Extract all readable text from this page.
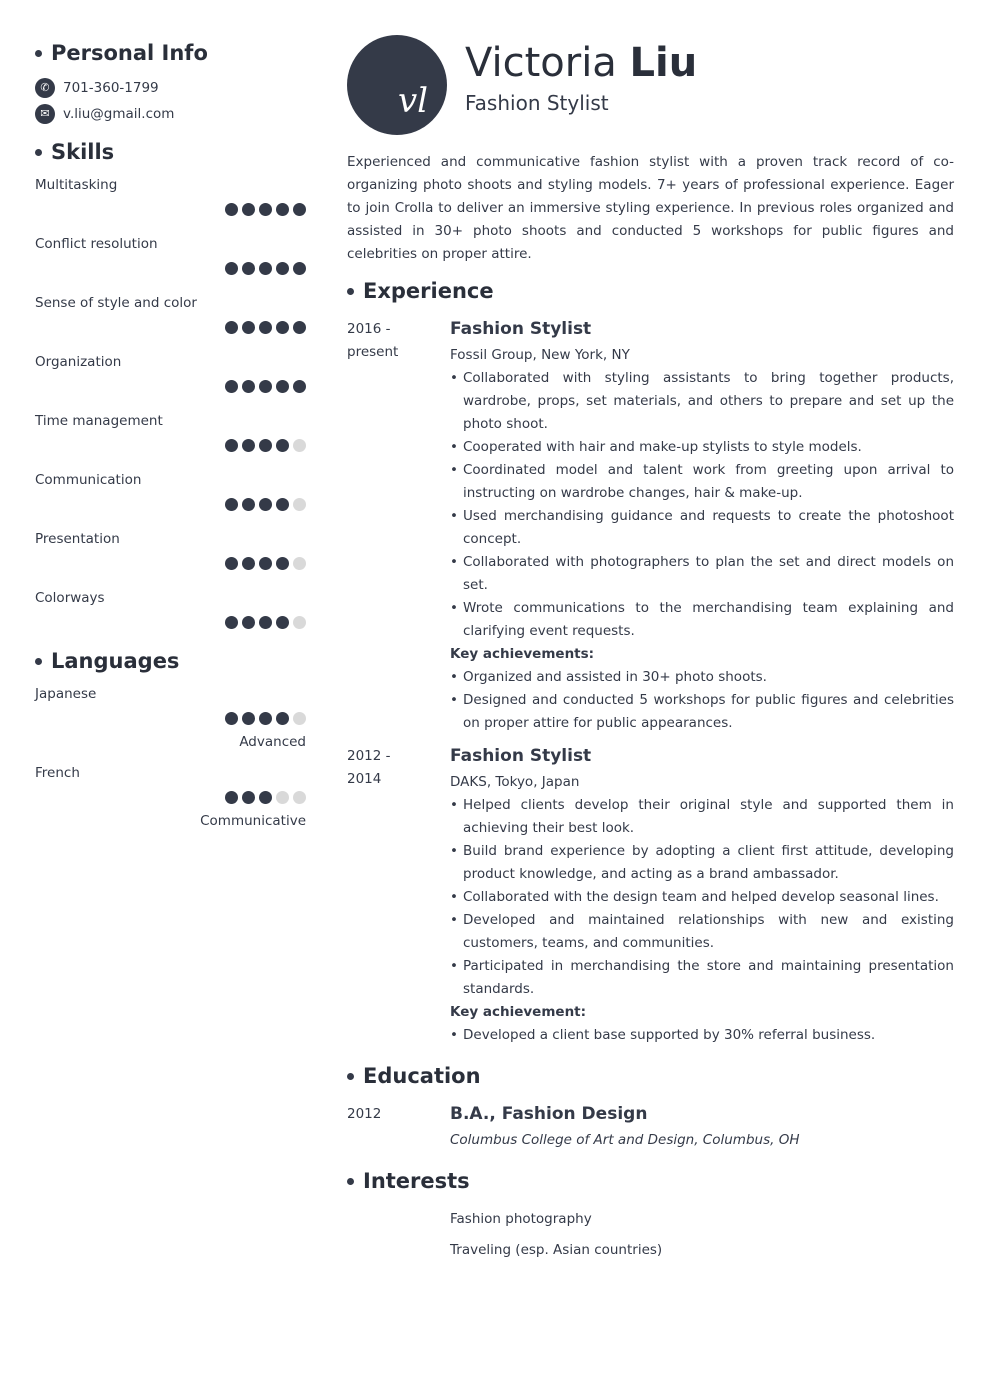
Personal Info
✆ 701-360-1799
✉ v.liu@gmail.com
Skills
Multitasking
Conflict resolution
Sense of style and color
Organization
Time management
Communication
Presentation
Colorways
Languages
Japanese
Advanced
French
Communicative
vl
Victoria Liu
Fashion Stylist
Experienced and communicative fashion stylist with a proven track record of co-organizing photo shoots and styling models. 7+ years of professional experience. Eager to join Crolla to deliver an immersive styling experience. In previous roles organized and assisted in 30+ photo shoots and conducted 5 workshops for public figures and celebrities on proper attire.
Experience
2016 - present
Fashion Stylist
Fossil Group, New York, NY
• Collaborated with styling assistants to bring together products, wardrobe, props, set materials, and others to prepare and set up the photo shoot.
• Cooperated with hair and make-up stylists to style models.
• Coordinated model and talent work from greeting upon arrival to instructing on wardrobe changes, hair & make-up.
• Used merchandising guidance and requests to create the photoshoot concept.
• Collaborated with photographers to plan the set and direct models on set.
• Wrote communications to the merchandising team explaining and clarifying event requests.
Key achievements:
• Organized and assisted in 30+ photo shoots.
• Designed and conducted 5 workshops for public figures and celebrities on proper attire for public appearances.
2012 - 2014
Fashion Stylist
DAKS, Tokyo, Japan
• Helped clients develop their original style and supported them in achieving their best look.
• Build brand experience by adopting a client first attitude, developing product knowledge, and acting as a brand ambassador.
• Collaborated with the design team and helped develop seasonal lines.
• Developed and maintained relationships with new and existing customers, teams, and communities.
• Participated in merchandising the store and maintaining presentation standards.
Key achievement:
• Developed a client base supported by 30% referral business.
Education
2012	B.A., Fashion Design
Columbus College of Art and Design, Columbus, OH
Interests
Fashion photography
Traveling (esp. Asian countries)
